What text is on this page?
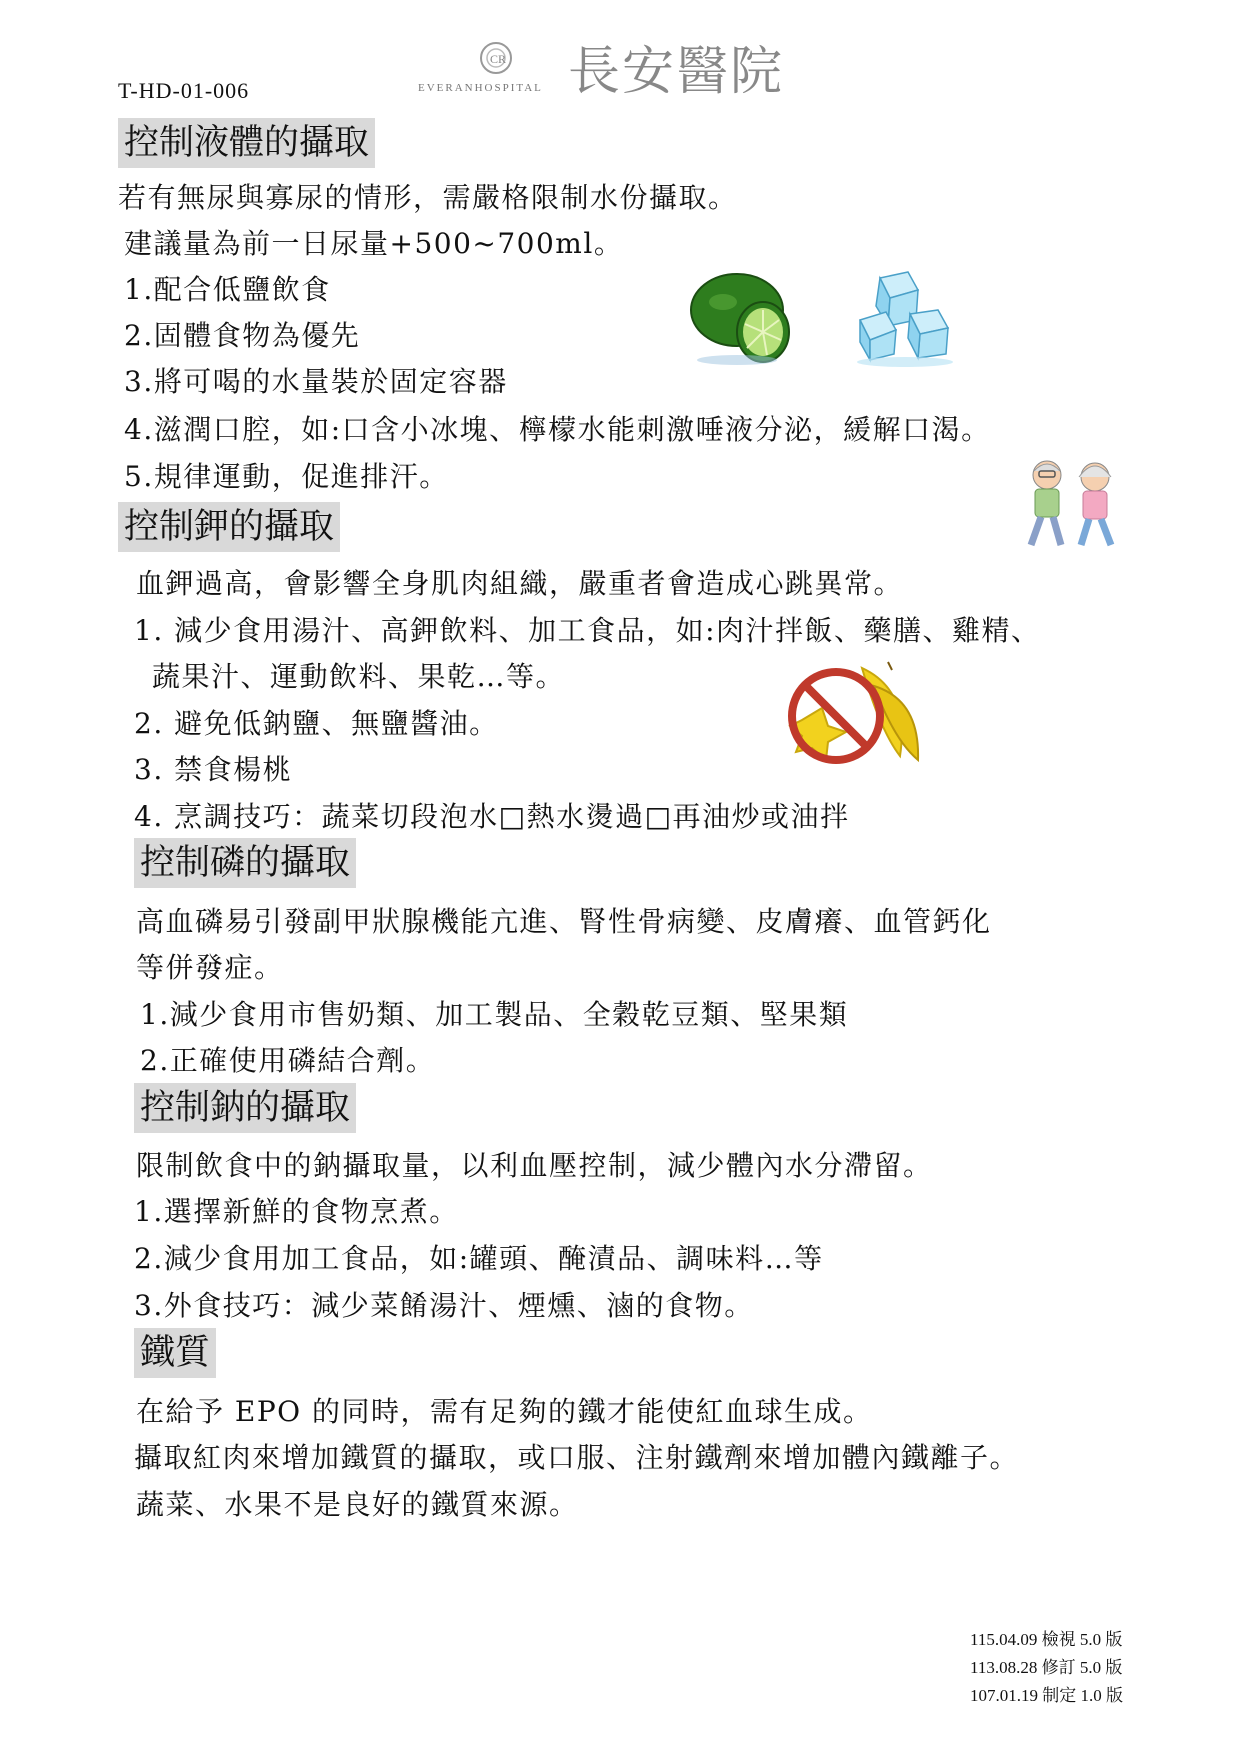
T-HD-01-006
CR
EVERANHOSPITAL 長安醫院
控制液體的攝取
若有無尿與寡尿的情形，需嚴格限制水份攝取。
建議量為前一日尿量+500~700ml。
1.配合低鹽飲食
2.固體食物為優先
3.將可喝的水量裝於固定容器
4.滋潤口腔，如:口含小冰塊、檸檬水能刺激唾液分泌，緩解口渴。
5.規律運動，促進排汗。
控制鉀的攝取
血鉀過高，會影響全身肌肉組織，嚴重者會造成心跳異常。
1. 減少食用湯汁、高鉀飲料、加工食品，如:肉汁拌飯、藥膳、雞精、
蔬果汁、運動飲料、果乾…等。
2. 避免低鈉鹽、無鹽醬油。
3. 禁食楊桃
4. 烹調技巧：蔬菜切段泡水□熱水燙過□再油炒或油拌
控制磷的攝取
高血磷易引發副甲狀腺機能亢進、腎性骨病變、皮膚癢、血管鈣化
等併發症。
1.減少食用市售奶類、加工製品、全穀乾豆類、堅果類
2.正確使用磷結合劑。
控制鈉的攝取
限制飲食中的鈉攝取量，以利血壓控制，減少體內水分滯留。
1.選擇新鮮的食物烹煮。
2.減少食用加工食品，如:罐頭、醃漬品、調味料…等
3.外食技巧：減少菜餚湯汁、煙燻、滷的食物。
鐵質
在給予 EPO 的同時，需有足夠的鐵才能使紅血球生成。
攝取紅肉來增加鐵質的攝取，或口服、注射鐵劑來增加體內鐵離子。
蔬菜、水果不是良好的鐵質來源。
115.04.09 檢視 5.0 版
113.08.28 修訂 5.0 版
107.01.19 制定 1.0 版
